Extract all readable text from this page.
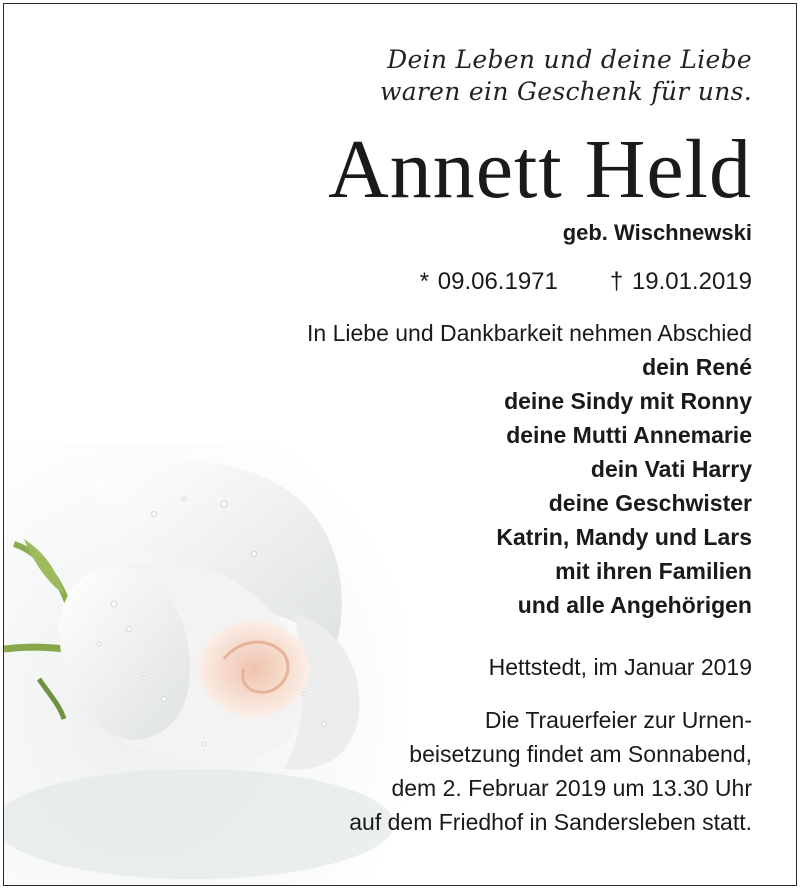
Dein Leben und deine Liebe
waren ein Geschenk für uns.
Annett Held
geb. Wischnewski
* 09.06.1971 † 19.01.2019
In Liebe und Dankbarkeit nehmen Abschied
dein René
deine Sindy mit Ronny
deine Mutti Annemarie
dein Vati Harry
deine Geschwister
Katrin, Mandy und Lars
mit ihren Familien
und alle Angehörigen
Hettstedt, im Januar 2019
Die Trauerfeier zur Urnen-
beisetzung findet am Sonnabend,
dem 2. Februar 2019 um 13.30 Uhr
auf dem Friedhof in Sandersleben statt.
